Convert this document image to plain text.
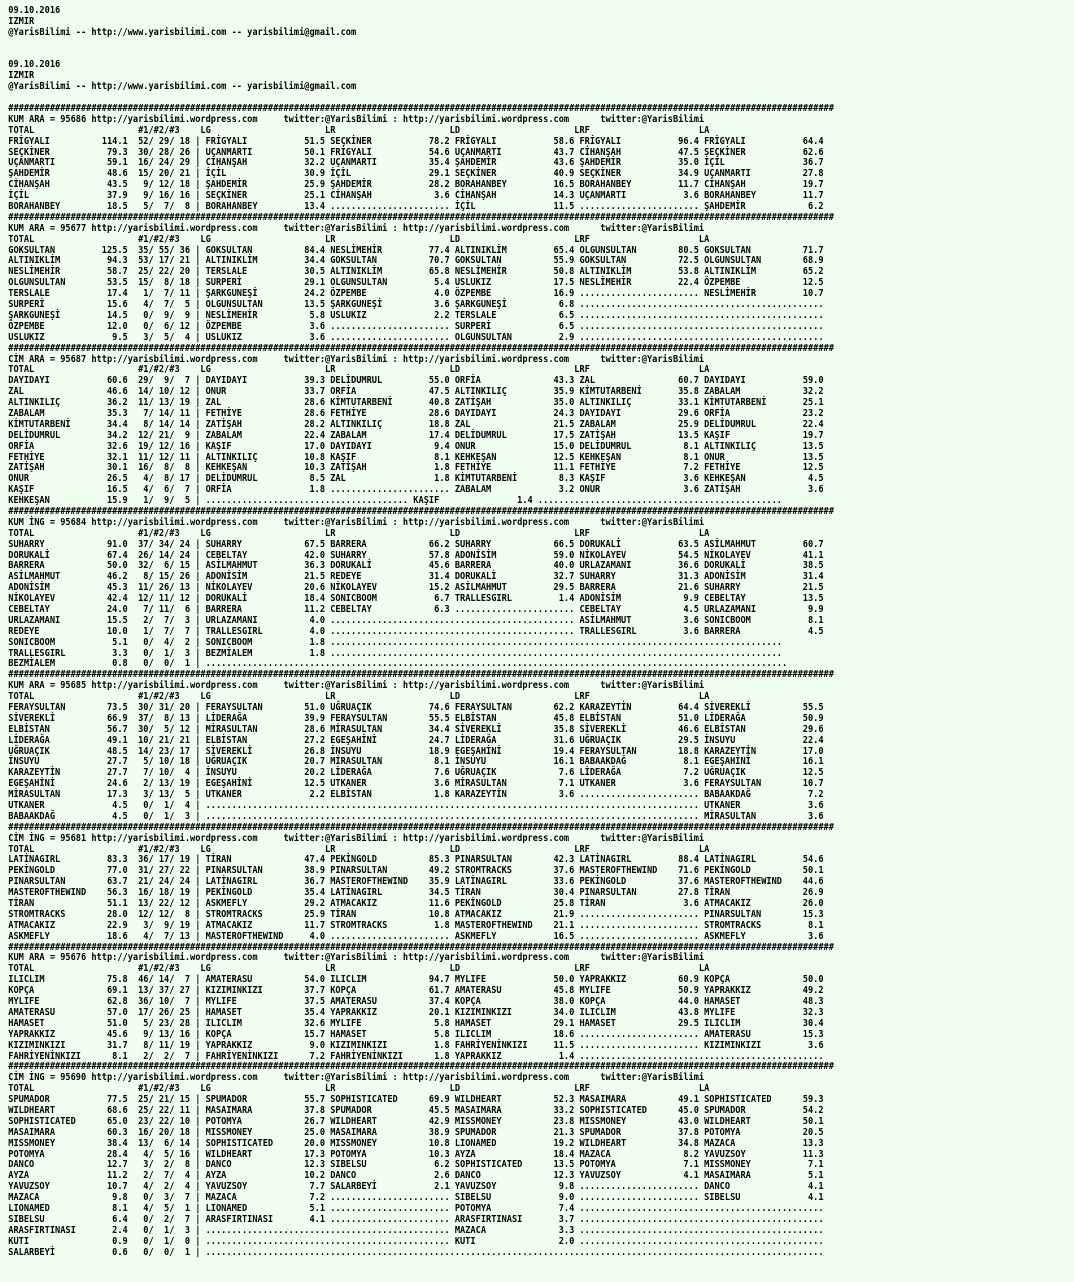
09.10.2016
IZMIR
@YarisBilimi -- http://www.yarisbilimi.com -- yarisbilimi@gmail.com

09.10.2016
IZMIR
@YarisBilimi -- http://www.yarisbilimi.com -- yarisbilimi@gmail.com

###############################################################################################################################################################
KUM ARA = 95686 http://yarisbilimi.wordpress.com     twitter:@YarisBilimi : http://yarisbilimi.wordpress.com      twitter:@YarisBilimi
TOTAL                    #1/#2/#3    LG                      LR                      LD                      LRF                     LA
FRİGYALI          114.1  52/ 29/ 18 | FRİGYALI           51.5 SEÇKİNER           78.2 FRİGYALI           58.6 FRİGYALI           96.4 FRİGYALI           64.4
SEÇKİNER           79.3  30/ 28/ 26 | UÇANMARTI          50.1 FRİGYALI           54.6 UÇANMARTI          43.7 CİHANŞAH           47.5 SEÇKİNER           62.6
UÇANMARTI          59.1  16/ 24/ 29 | CİHANŞAH           32.2 UÇANMARTI          35.4 ŞAHDEMİR           43.6 ŞAHDEMİR           35.0 İÇİL               36.7
ŞAHDEMİR           48.6  15/ 20/ 21 | İÇİL               30.9 İÇİL               29.1 SEÇKİNER           40.9 SEÇKİNER           34.9 UÇANMARTI          27.8
CİHANŞAH           43.5   9/ 12/ 18 | ŞAHDEMİR           25.9 ŞAHDEMİR           28.2 BORAHANBEY         16.5 BORAHANBEY         11.7 CİHANŞAH           19.7
İÇİL               37.9   9/ 16/ 16 | SEÇKİNER           25.1 CİHANŞAH            3.6 CİHANŞAH           14.3 UÇANMARTI           3.6 BORAHANBEY         11.7
BORAHANBEY         18.5   5/  7/  8 | BORAHANBEY         13.4 ....................... İÇİL               11.5 ....................... ŞAHDEMİR            6.2
###############################################################################################################################################################
KUM ARA = 95677 http://yarisbilimi.wordpress.com     twitter:@YarisBilimi : http://yarisbilimi.wordpress.com      twitter:@YarisBilimi
TOTAL                    #1/#2/#3    LG                      LR                      LD                      LRF                     LA
GOKSULTAN         125.5  35/ 55/ 36 | GOKSULTAN          84.4 NESLİMEHİR         77.4 ALTINIKLİM         65.4 OLGUNSULTAN        80.5 GOKSULTAN          71.7
ALTINIKLİM         94.3  53/ 17/ 21 | ALTINIKLİM         34.4 GOKSULTAN          70.7 GOKSULTAN          55.9 GOKSULTAN          72.5 OLGUNSULTAN        68.9
NESLİMEHİR         58.7  25/ 22/ 20 | TERSLALE           30.5 ALTINIKLİM         65.8 NESLİMEHİR         50.8 ALTINIKLİM         53.8 ALTINIKLİM         65.2
OLGUNSULTAN        53.5  15/  8/ 18 | SURPERİ            29.1 OLGUNSULTAN         5.4 USLUKIZ            17.5 NESLİMEHİR         22.4 ÖZPEMBE            12.5
TERSLALE           17.4   1/  7/ 11 | ŞARKGUNEŞİ         24.2 ÖZPEMBE             4.0 ÖZPEMBE            16.9 ....................... NESLİMEHİR         10.7
SURPERİ            15.6   4/  7/  5 | OLGUNSULTAN        13.5 ŞARKGUNEŞİ          3.6 ŞARKGUNEŞİ          6.8 ...............................................
ŞARKGUNEŞİ         14.5   0/  9/  9 | NESLİMEHİR          5.8 USLUKIZ             2.2 TERSLALE            6.5 ...............................................
ÖZPEMBE            12.0   0/  6/ 12 | ÖZPEMBE             3.6 ....................... SURPERİ             6.5 ...............................................
USLUKIZ             9.5   3/  5/  4 | USLUKIZ             3.6 ....................... OLGUNSULTAN         2.9 ...............................................
###############################################################################################################################################################
CİM ARA = 95687 http://yarisbilimi.wordpress.com     twitter:@YarisBilimi : http://yarisbilimi.wordpress.com      twitter:@YarisBilimi
TOTAL                    #1/#2/#3    LG                      LR                      LD                      LRF                     LA
DAYIDAYI           60.6  29/  9/  7 | DAYIDAYI           39.3 DELİDUMRUL         55.0 ORFİA              43.3 ZAL                60.7 DAYIDAYI           59.0
ZAL                46.6  14/ 10/ 12 | ONUR               33.7 ORFİA              47.5 ALTINKILIÇ         35.9 KİMTUTARBENİ       35.8 ZABALAM            32.2
ALTINKILIÇ         36.2  11/ 13/ 19 | ZAL                28.6 KİMTUTARBENİ       40.8 ZATİŞAH            35.0 ALTINKILIÇ         33.1 KİMTUTARBENİ       25.1
ZABALAM            35.3   7/ 14/ 11 | FETHİYE            28.6 FETHİYE            28.6 DAYIDAYI           24.3 DAYIDAYI           29.6 ORFİA              23.2
KİMTUTARBENİ       34.4   8/ 14/ 14 | ZATİŞAH            28.2 ALTINKILIÇ         18.8 ZAL                21.5 ZABALAM            25.9 DELİDUMRUL         22.4
DELİDUMRUL         34.2  12/ 21/  9 | ZABALAM            22.4 ZABALAM            17.4 DELİDUMRUL         17.5 ZATİŞAH            13.5 KAŞIF              19.7
ORFİA              32.6  19/ 12/ 16 | KAŞIF              17.0 DAYIDAYI            9.4 ONUR               15.0 DELİDUMRUL          8.1 ALTINKILIÇ         13.5
FETHİYE            32.1  11/ 12/ 11 | ALTINKILIÇ         10.8 KAŞIF               8.1 KEHKEŞAN           12.5 KEHKEŞAN            8.1 ONUR               13.5
ZATİŞAH            30.1  16/  8/  8 | KEHKEŞAN           10.3 ZATİŞAH             1.8 FETHİYE            11.1 FETHİYE             7.2 FETHİYE            12.5
ONUR               26.5   4/  8/ 17 | DELİDUMRUL          8.5 ZAL                 1.8 KİMTUTARBENİ        8.3 KAŞIF               3.6 KEHKEŞAN            4.5
KAŞIF              16.5   4/  6/  7 | ORFİA               1.8 ....................... ZABALAM             3.2 ONUR                3.6 ZATİŞAH             3.6
KEHKEŞAN           15.9   1/  9/  5 | ....................................... KAŞIF               1.4 ...............................................
###############################################################################################################################################################
KUM İNG = 95684 http://yarisbilimi.wordpress.com     twitter:@YarisBilimi : http://yarisbilimi.wordpress.com      twitter:@YarisBilimi
TOTAL                    #1/#2/#3    LG                      LR                      LD                      LRF                     LA
SUHARRY            91.0  37/ 34/ 24 | SUHARRY            67.5 BARRERA            66.2 SUHARRY            66.5 DORUKALİ           63.5 ASİLMAHMUT         60.7
DORUKALİ           67.4  26/ 14/ 24 | CEBELTAY           42.0 SUHARRY            57.8 ADONİSİM           59.0 NİKOLAYEV          54.5 NİKOLAYEV          41.1
BARRERA            50.0  32/  6/ 15 | ASİLMAHMUT         36.3 DORUKALİ           45.6 BARRERA            40.0 URLAZAMANI         36.6 DORUKALİ           38.5
ASİLMAHMUT         46.2   8/ 15/ 26 | ADONİSİM           21.5 REDEYE             31.4 DORUKALİ           32.7 SUHARRY            31.3 ADONİSİM           31.4
ADONİSİM           45.3  11/ 26/ 13 | NİKOLAYEV          20.6 NİKOLAYEV          15.2 ASİLMAHMUT         29.5 BARRERA            21.6 SUHARRY            21.5
NİKOLAYEV          42.4  12/ 11/ 12 | DORUKALİ           18.4 SONICBOOM           6.7 TRALLESGIRL         1.4 ADONİSİM            9.9 CEBELTAY           13.5
CEBELTAY           24.0   7/ 11/  6 | BARRERA            11.2 CEBELTAY            6.3 ....................... CEBELTAY            4.5 URLAZAMANI          9.9
URLAZAMANI         15.5   2/  7/  3 | URLAZAMANI          4.0 ............................................... ASİLMAHMUT          3.6 SONICBOOM           8.1
REDEYE             10.0   1/  7/  7 | TRALLESGIRL         4.0 ............................................... TRALLESGIRL         3.6 BARRERA             4.5
SONICBOOM           5.1   0/  4/  2 | SONICBOOM           1.8 .......................................................................................
TRALLESGIRL         3.3   0/  1/  3 | BEZMİALEM           1.8 .......................................................................................
BEZMİALEM           0.8   0/  0/  1 | ................................................................................................................
###############################################################################################################################################################
KUM ARA = 95685 http://yarisbilimi.wordpress.com     twitter:@YarisBilimi : http://yarisbilimi.wordpress.com      twitter:@YarisBilimi
TOTAL                    #1/#2/#3    LG                      LR                      LD                      LRF                     LA
FERAYSULTAN        73.5  30/ 31/ 20 | FERAYSULTAN        51.0 UĞRUAÇIK           74.6 FERAYSULTAN        62.2 KARAZEYTİN         64.4 SİVEREKLİ          55.5
SİVEREKLİ          66.9  37/  8/ 13 | LİDERAĞA           39.9 FERAYSULTAN        55.5 ELBİSTAN           45.8 ELBİSTAN           51.0 LİDERAĞA           50.9
ELBİSTAN           56.7  30/  5/ 12 | MİRASULTAN         28.6 MİRASULTAN         34.4 SİVEREKLİ          35.8 SİVEREKLİ          46.6 ELBİSTAN           29.6
LİDERAĞA           49.1  10/ 21/ 21 | ELBİSTAN           27.2 EGEŞAHİNİ          24.7 LİDERAĞA           31.6 UĞRUAÇIK           29.5 İNSUYU             22.4
UĞRUAÇIK           48.5  14/ 23/ 17 | SİVEREKLİ          26.8 İNSUYU             18.9 EGEŞAHİNİ          19.4 FERAYSULTAN        18.8 KARAZEYTİN         17.0
İNSUYU             27.7   5/ 10/ 18 | UĞRUAÇIK           20.7 MİRASULTAN          8.1 İNSUYU             16.1 BABAAKDAĞ           8.1 EGEŞAHİNİ          16.1
KARAZEYTİN         27.7   7/ 10/  4 | İNSUYU             20.2 LİDERAĞA            7.6 UĞRUAÇIK            7.6 LİDERAĞA            7.2 UĞRUAÇIK           12.5
EGEŞAHİNİ          24.6   2/ 13/ 19 | EGEŞAHİNİ          12.5 UTKANER             3.6 MİRASULTAN          7.1 UTKANER             3.6 FERAYSULTAN        10.7
MİRASULTAN         17.3   3/ 13/  5 | UTKANER             2.2 ELBİSTAN            1.8 KARAZEYTİN          3.6 ....................... BABAAKDAĞ           7.2
UTKANER             4.5   0/  1/  4 | ............................................................................................... UTKANER             3.6
BABAAKDAĞ           4.5   0/  1/  3 | ............................................................................................... MİRASULTAN          3.6
###############################################################################################################################################################
CİM İNG = 95681 http://yarisbilimi.wordpress.com     twitter:@YarisBilimi : http://yarisbilimi.wordpress.com      twitter:@YarisBilimi
TOTAL                    #1/#2/#3    LG                      LR                      LD                      LRF                     LA
LATİNAGIRL         83.3  36/ 17/ 19 | TİRAN              47.4 PEKİNGOLD          85.3 PINARSULTAN        42.3 LATİNAGIRL         88.4 LATİNAGIRL         54.6
PEKİNGOLD          77.0  31/ 27/ 22 | PINARSULTAN        38.9 PINARSULTAN        49.2 STROMTRACKS        37.6 MASTEROFTHEWIND    71.6 PEKİNGOLD          50.1
PINARSULTAN        63.7  21/ 24/ 24 | LATİNAGIRL         36.7 MASTEROFTHEWIND    35.9 LATİNAGIRL         33.6 PEKİNGOLD          37.6 MASTEROFTHEWIND    44.6
MASTEROFTHEWIND    56.3  16/ 18/ 19 | PEKİNGOLD          35.4 LATİNAGIRL         34.5 TİRAN              30.4 PINARSULTAN        27.8 TİRAN              26.9
TİRAN              51.1  13/ 22/ 12 | ASKMEFLY           29.2 ATMACAKIZ          11.6 PEKİNGOLD          25.8 TİRAN               3.6 ATMACAKIZ          26.0
STROMTRACKS        28.0  12/ 12/  8 | STROMTRACKS        25.9 TİRAN              10.8 ATMACAKIZ          21.9 ....................... PINARSULTAN        15.3
ATMACAKIZ          22.9   3/  9/ 19 | ATMACAKIZ          11.7 STROMTRACKS         1.8 MASTEROFTHEWIND    21.1 ....................... STROMTRACKS         8.1
ASKMEFLY           18.6   4/  7/ 13 | MASTEROFTHEWIND     4.0 ....................... ASKMEFLY           16.5 ....................... ASKMEFLY            3.6
###############################################################################################################################################################
KUM ARA = 95676 http://yarisbilimi.wordpress.com     twitter:@YarisBilimi : http://yarisbilimi.wordpress.com      twitter:@YarisBilimi
TOTAL                    #1/#2/#3    LG                      LR                      LD                      LRF                     LA
ILICLIM            75.8  46/ 14/  7 | AMATERASU          54.0 ILICLIM            94.7 MYLIFE             50.0 YAPRAKKIZ          60.9 KOPÇA              50.0
KOPÇA              69.1  13/ 37/ 27 | KIZIMINKIZI        37.7 KOPÇA              61.7 AMATERASU          45.8 MYLIFE             50.9 YAPRAKKIZ          49.2
MYLIFE             62.8  36/ 10/  7 | MYLIFE             37.5 AMATERASU          37.4 KOPÇA              38.0 KOPÇA              44.0 HAMASET            48.3
AMATERASU          57.0  17/ 26/ 25 | HAMASET            35.4 YAPRAKKIZ          20.1 KIZIMINKIZI        34.0 ILICLIM            43.8 MYLIFE             32.3
HAMASET            51.0   5/ 23/ 28 | ILICLIM            32.6 MYLIFE              5.8 HAMASET            29.1 HAMASET            29.5 ILICLIM            30.4
YAPRAKKIZ          45.6   9/ 13/ 16 | KOPÇA              15.7 HAMASET             5.8 ILICLIM            18.6 ....................... AMATERASU          15.3
KIZIMINKIZI        31.7   8/ 11/ 19 | YAPRAKKIZ           9.0 KIZIMINKIZI         1.8 FAHRİYENİNKIZI     11.5 ....................... KIZIMINKIZI         3.6
FAHRİYENİNKIZI      8.1   2/  2/  7 | FAHRİYENİNKIZI      7.2 FAHRİYENİNKIZI      1.8 YAPRAKKIZ           1.4 ...............................................
###############################################################################################################################################################
CİM İNG = 95690 http://yarisbilimi.wordpress.com     twitter:@YarisBilimi : http://yarisbilimi.wordpress.com      twitter:@YarisBilimi
TOTAL                    #1/#2/#3    LG                      LR                      LD                      LRF                     LA
SPUMADOR           77.5  25/ 21/ 15 | SPUMADOR           55.7 SOPHISTICATED      69.9 WILDHEART          52.3 MASAIMARA          49.1 SOPHISTICATED      59.3
WILDHEART          68.6  25/ 22/ 11 | MASAIMARA          37.8 SPUMADOR           45.5 MASAIMARA          33.2 SOPHISTICATED      45.0 SPUMADOR           54.2
SOPHISTICATED      65.0  23/ 22/ 10 | POTOMYA            26.7 WILDHEART          42.9 MISSMONEY          23.8 MISSMONEY          43.0 WILDHEART          50.1
MASAIMARA          60.3  16/ 20/ 18 | MISSMONEY          25.0 MASAIMARA          38.9 SPUMADOR           21.3 SPUMADOR           37.8 POTOMYA            20.5
MISSMONEY          38.4  13/  6/ 14 | SOPHISTICATED      20.0 MISSMONEY          10.8 LIONAMED           19.2 WILDHEART          34.8 MAZACA             13.3
POTOMYA            28.4   4/  5/ 16 | WILDHEART          17.3 POTOMYA            10.3 AYZA               18.4 MAZACA              8.2 YAVUZSOY           11.3
DANCO              12.7   3/  2/  8 | DANCO              12.3 SIBELSU             6.2 SOPHISTICATED      13.5 POTOMYA             7.1 MISSMONEY           7.1
AYZA               11.2   2/  7/  4 | AYZA               10.2 DANCO               2.6 DANCO              12.3 YAVUZSOY            4.1 MASAIMARA           5.1
YAVUZSOY           10.7   4/  2/  4 | YAVUZSOY            7.7 SALARBEYİ           2.1 YAVUZSOY            9.8 ....................... DANCO               4.1
MAZACA              9.8   0/  3/  7 | MAZACA              7.2 ....................... SIBELSU             9.0 ....................... SIBELSU             4.1
LIONAMED            8.1   4/  5/  1 | LIONAMED            5.1 ....................... POTOMYA             7.4 ...............................................
SIBELSU             6.4   0/  2/  7 | ARASFIRTINASI       4.1 ....................... ARASFIRTINASI       3.7 ...............................................
ARASFIRTINASI       2.4   0/  1/  3 | ............................................... MAZACA              3.3 ...............................................
KUTI                0.9   0/  1/  0 | ............................................... KUTI                2.0 ...............................................
SALARBEYİ           0.6   0/  0/  1 | .......................................................................................................................
